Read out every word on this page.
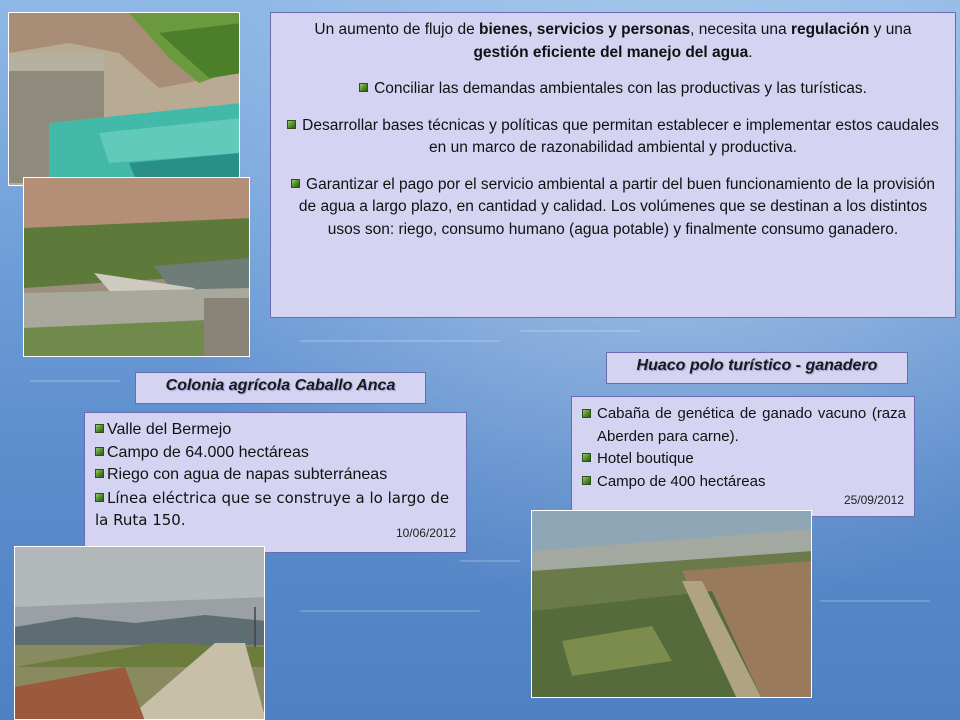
Un aumento de flujo de bienes, servicios y personas, necesita una regulación y una gestión eficiente del manejo del agua.
Conciliar las demandas ambientales con las productivas y las turísticas.
Desarrollar bases técnicas y políticas que permitan establecer e implementar estos caudales en un marco de razonabilidad ambiental y productiva.
Garantizar el pago por el servicio ambiental a partir del buen funcionamiento de la provisión de agua a largo plazo, en cantidad y calidad. Los volúmenes que se destinan a los distintos usos son: riego, consumo humano (agua potable) y finalmente consumo ganadero.
Colonia agrícola Caballo Anca
Valle del Bermejo
Campo de 64.000 hectáreas
Riego con agua de napas subterráneas
Línea eléctrica que se construye a lo largo de la Ruta 150.
10/06/2012
Huaco polo turístico - ganadero
Cabaña de genética de ganado vacuno (raza Aberden para carne).
Hotel boutique
Campo de 400 hectáreas
25/09/2012
